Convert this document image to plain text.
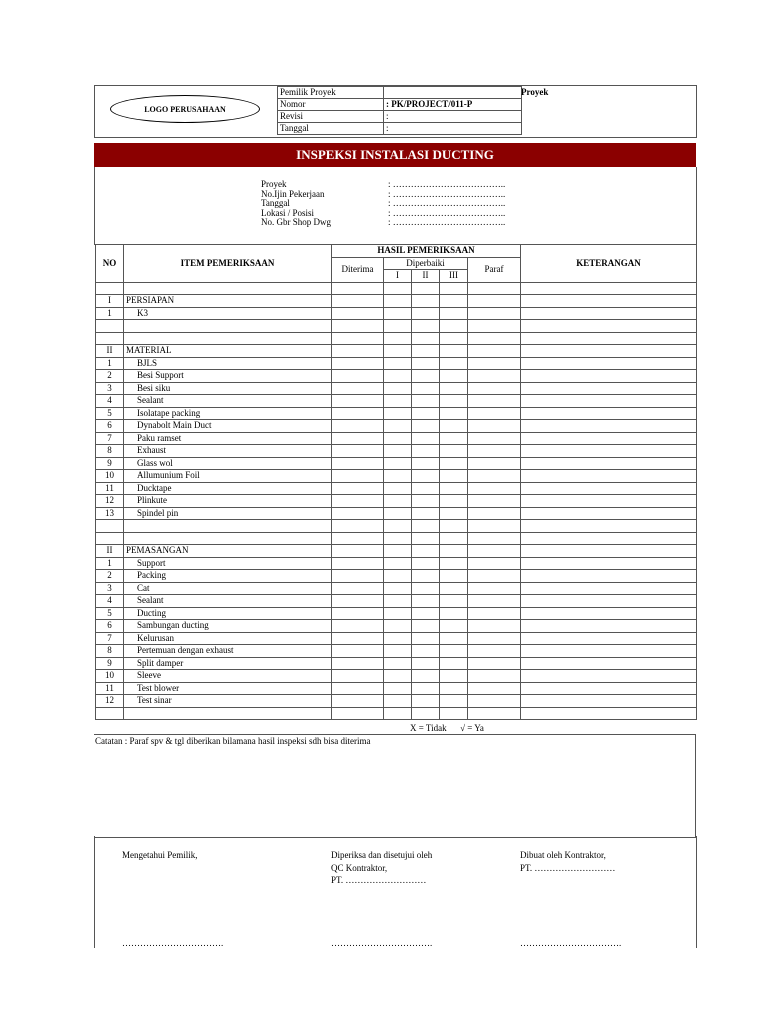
LOGO PERUSAHAAN
Pemilik Proyek	
Nomor	: PK/PROJECT/011-P
Revisi	:
Tanggal	:
Proyek
INSPEKSI INSTALASI DUCTING
Proyek	: ………………………………..
No.Ijin Pekerjaan	: ………………………………..
Tanggal	: ………………………………..
Lokasi / Posisi	: ………………………………..
No. Gbr Shop Dwg	: ………………………………..
NO	ITEM PEMERIKSAAN	HASIL PEMERIKSAAN					KETERANGAN
		Diterima	Diperbaiki			Paraf	
			I	II	III		

I	PERSIAPAN						
1	K3						

II	MATERIAL						
1	BJLS						
2	Besi Support						
3	Besi siku						
4	Sealant						
5	Isolatape packing						
6	Dynabolt Main Duct						
7	Paku ramset						
8	Exhaust						
9	Glass wol						
10	Allumunium Foil						
11	Ducktape						
12	Plinkute						
13	Spindel pin						

II	PEMASANGAN						
1	Support						
2	Packing						
3	Cat						
4	Sealant						
5	Ducting						
6	Sambungan ducting						
7	Kelurusan						
8	Pertemuan dengan exhaust						
9	Split damper						
10	Sleeve						
11	Test blower						
12	Test sinar						

X = Tidak      √ = Ya
Catatan : Paraf spv & tgl diberikan bilamana hasil inspeksi sdh bisa diterima
Mengetahui Pemilik,
…………………………….
Diperiksa dan disetujui oleh
QC Kontraktor,
PT. ………………………
…………………………….
Dibuat oleh Kontraktor,
PT. ………………………
…………………………….
